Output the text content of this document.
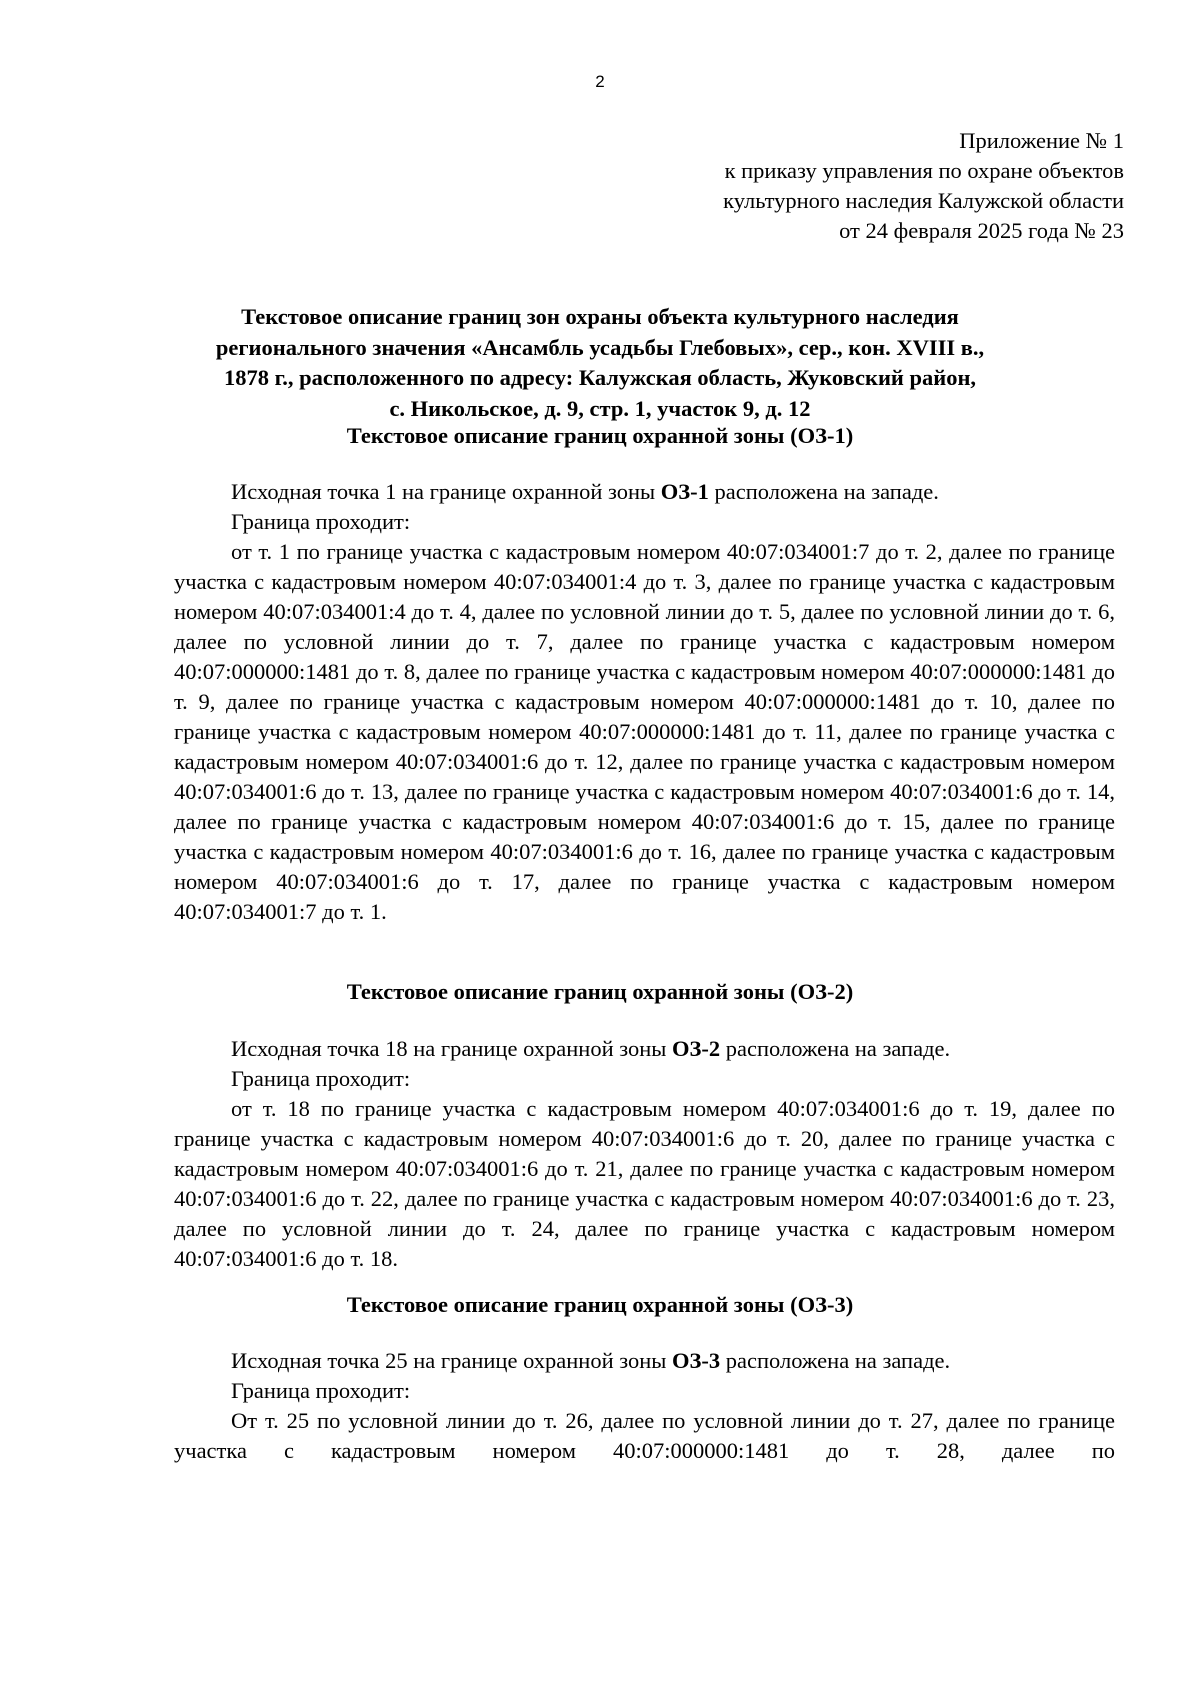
2
Приложение № 1
к приказу управления по охране объектов
культурного наследия Калужской области
от 24 февраля 2025 года № 23
Текстовое описание границ зон охраны объекта культурного наследия
регионального значения «Ансамбль усадьбы Глебовых», сер., кон. XVIII в.,
1878 г., расположенного по адресу: Калужская область, Жуковский район,
с. Никольское, д. 9, стр. 1, участок 9, д. 12
Текстовое описание границ охранной зоны (ОЗ-1)

Исходная точка 1 на границе охранной зоны ОЗ-1 расположена на западе.

Граница проходит:

от т. 1 по границе участка с кадастровым номером 40:07:034001:7 до т. 2, далее по границе участка с кадастровым номером 40:07:034001:4 до т. 3, далее по границе участка с кадастровым номером 40:07:034001:4 до т. 4, далее по условной линии до т. 5, далее по условной линии до т. 6, далее по условной линии до т. 7, далее по границе участка с кадастровым номером 40:07:000000:1481 до т. 8, далее по границе участка с кадастровым номером 40:07:000000:1481 до т. 9, далее по границе участка с кадастровым номером 40:07:000000:1481 до т. 10, далее по границе участка с кадастровым номером 40:07:000000:1481 до т. 11, далее по границе участка с кадастровым номером 40:07:034001:6 до т. 12, далее по границе участка с кадастровым номером 40:07:034001:6 до т. 13, далее по границе участка с кадастровым номером 40:07:034001:6 до т. 14, далее по границе участка с кадастровым номером 40:07:034001:6 до т. 15, далее по границе участка с кадастровым номером 40:07:034001:6 до т. 16, далее по границе участка с кадастровым номером 40:07:034001:6 до т. 17, далее по границе участка с кадастровым номером 40:07:034001:7 до т. 1.

Текстовое описание границ охранной зоны (ОЗ-2)

Исходная точка 18 на границе охранной зоны ОЗ-2 расположена на западе.

Граница проходит:

от т. 18 по границе участка с кадастровым номером 40:07:034001:6 до т. 19, далее по границе участка с кадастровым номером 40:07:034001:6 до т. 20, далее по границе участка с кадастровым номером 40:07:034001:6 до т. 21, далее по границе участка с кадастровым номером 40:07:034001:6 до т. 22, далее по границе участка с кадастровым номером 40:07:034001:6 до т. 23, далее по условной линии до т. 24, далее по границе участка с кадастровым номером 40:07:034001:6 до т. 18.

Текстовое описание границ охранной зоны (ОЗ-3)

Исходная точка 25 на границе охранной зоны ОЗ-3 расположена на западе.

Граница проходит:

От т. 25 по условной линии до т. 26, далее по условной линии до т. 27, далее по границе участка с кадастровым номером 40:07:000000:1481 до т. 28, далее по
